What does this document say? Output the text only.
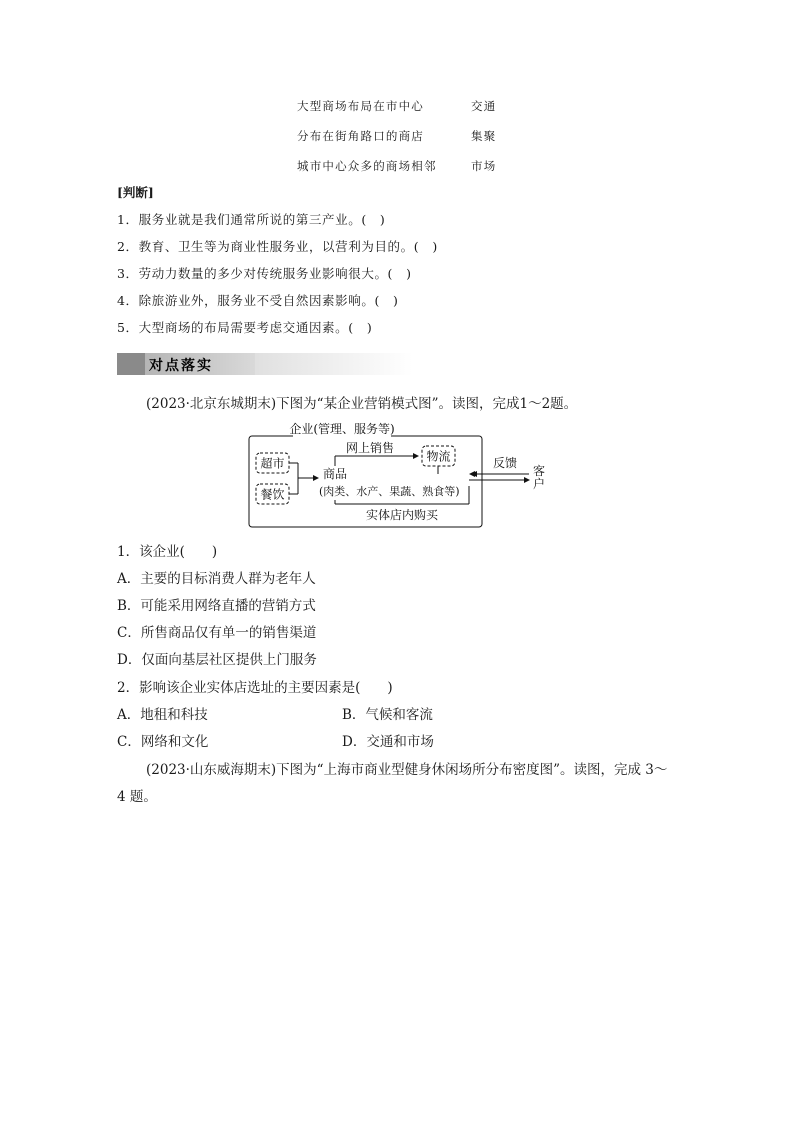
大型商场布局在市中心	交通
分布在街角路口的商店	集聚
城市中心众多的商场相邻	市场
[判断]
1．服务业就是我们通常所说的第三产业。(　)
2．教育、卫生等为商业性服务业，以营利为目的。(　)
3．劳动力数量的多少对传统服务业影响很大。(　)
4．除旅游业外，服务业不受自然因素影响。(　)
5．大型商场的布局需要考虑交通因素。(　)
对点落实
(2023·北京东城期末)下图为“某企业营销模式图”。读图，完成1～2题。
企业(管理、服务等)
超市
餐饮
商品
(肉类、水产、果蔬、熟食等)
网上销售
物流
实体店内购买
反馈
客
户
1．该企业(　　)
A．主要的目标消费人群为老年人
B．可能采用网络直播的营销方式
C．所售商品仅有单一的销售渠道
D．仅面向基层社区提供上门服务
2．影响该企业实体店选址的主要因素是(　　)
A．地租和科技	B．气候和客流
C．网络和文化	D．交通和市场
(2023·山东威海期末)下图为“上海市商业型健身休闲场所分布密度图”。读图，完成 3～
4 题。
